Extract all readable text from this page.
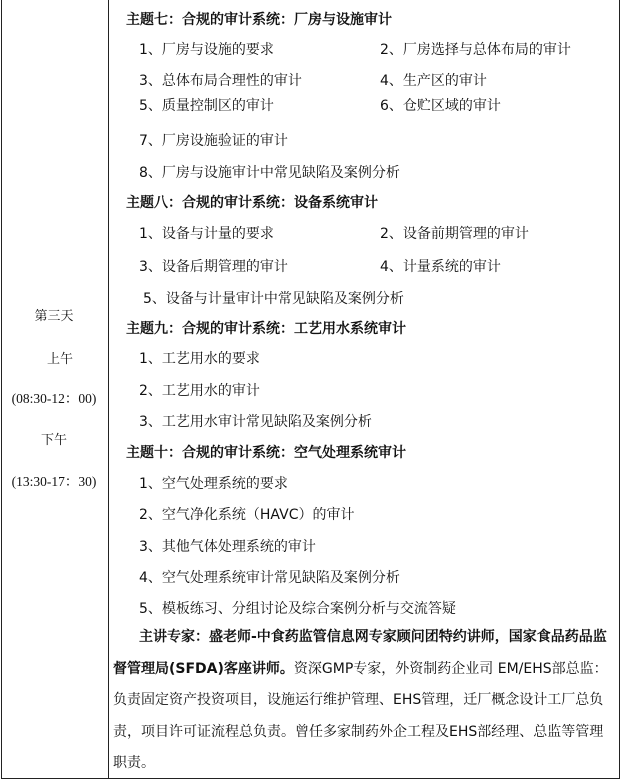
第三天
上午
(08:30-12：00)
下午
(13:30-17：30)
主题七：合规的审计系统：厂房与设施审计
1、厂房与设施的要求	2、厂房选择与总体布局的审计
3、总体布局合理性的审计	4、生产区的审计
5、质量控制区的审计	6、仓贮区域的审计
7、厂房设施验证的审计
8、厂房与设施审计中常见缺陷及案例分析
主题八：合规的审计系统：设备系统审计
1、设备与计量的要求	2、设备前期管理的审计
3、设备后期管理的审计	4、计量系统的审计
5、设备与计量审计中常见缺陷及案例分析
主题九：合规的审计系统：工艺用水系统审计
1、工艺用水的要求
2、工艺用水的审计
3、工艺用水审计常见缺陷及案例分析
主题十：合规的审计系统：空气处理系统审计
1、空气处理系统的要求
2、空气净化系统（HAVC）的审计
3、其他气体处理系统的审计
4、空气处理系统审计常见缺陷及案例分析
5、模板练习、分组讨论及综合案例分析与交流答疑
主讲专家：盛老师-中食药监管信息网专家顾问团特约讲师，国家食品药品监督管理局(SFDA)客座讲师。资深GMP专家，外资制药企业司 EM/EHS部总监：负责固定资产投资项目，设施运行维护管理、EHS管理，迁厂概念设计工厂总负责，项目许可证流程总负责。曾任多家制药外企工程及EHS部经理、总监等管理职责。
